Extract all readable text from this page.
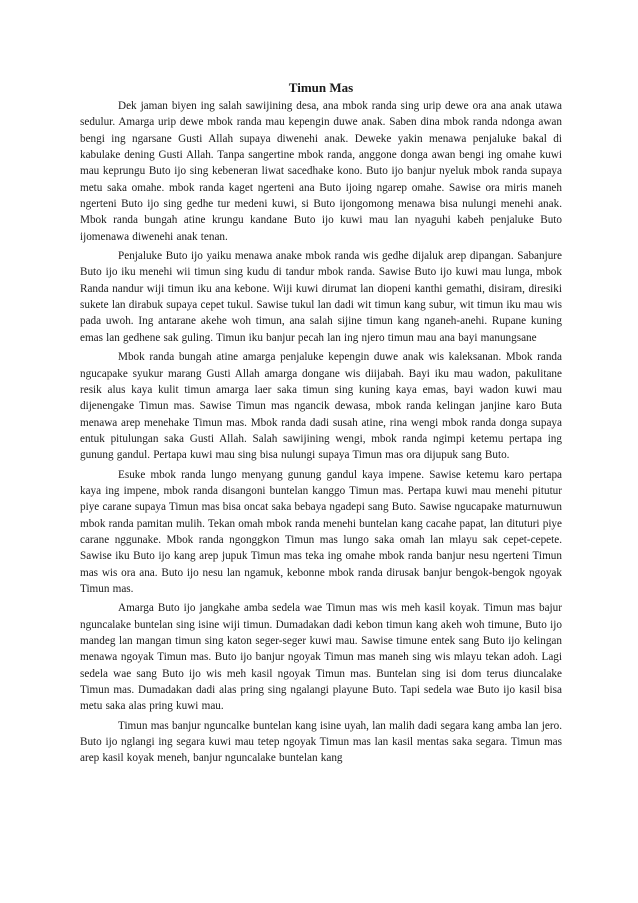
Timun Mas

Dek jaman biyen ing salah sawijining desa, ana mbok randa sing urip dewe ora ana anak utawa sedulur. Amarga urip dewe mbok randa mau kepengin duwe anak. Saben dina mbok randa ndonga awan bengi ing ngarsane Gusti Allah supaya diwenehi anak. Deweke yakin menawa penjaluke bakal di kabulake dening Gusti Allah. Tanpa sangertine mbok randa, anggone donga awan bengi ing omahe kuwi mau keprungu Buto ijo sing kebeneran liwat sacedhake kono. Buto ijo banjur nyeluk mbok randa supaya metu saka omahe. mbok randa kaget ngerteni ana Buto ijoing ngarep omahe. Sawise ora miris maneh ngerteni Buto ijo sing gedhe tur medeni kuwi, si Buto ijongomong menawa bisa nulungi menehi anak. Mbok randa bungah atine krungu kandane Buto ijo kuwi mau lan nyaguhi kabeh penjaluke Buto ijomenawa diwenehi anak tenan.

Penjaluke Buto ijo yaiku menawa anake mbok randa wis gedhe dijaluk arep dipangan. Sabanjure Buto ijo iku menehi wii timun sing kudu di tandur mbok randa. Sawise Buto ijo kuwi mau lunga, mbok Randa nandur wiji timun iku ana kebone. Wiji kuwi dirumat lan diopeni kanthi gemathi, disiram, diresiki sukete lan dirabuk supaya cepet tukul. Sawise tukul lan dadi wit timun kang subur, wit timun iku mau wis pada uwoh. Ing antarane akehe woh timun, ana salah sijine timun kang nganeh-anehi. Rupane kuning emas lan gedhene sak guling. Timun iku banjur pecah lan ing njero timun mau ana bayi manungsane

Mbok randa bungah atine amarga penjaluke kepengin duwe anak wis kaleksanan. Mbok randa ngucapake syukur marang Gusti Allah amarga dongane wis diijabah. Bayi iku mau wadon, pakulitane resik alus kaya kulit timun amarga laer saka timun sing kuning kaya emas, bayi wadon kuwi mau dijenengake Timun mas. Sawise Timun mas ngancik dewasa, mbok randa kelingan janjine karo Buta menawa arep menehake Timun mas. Mbok randa dadi susah atine, rina wengi mbok randa donga supaya entuk pitulungan saka Gusti Allah. Salah sawijining wengi, mbok randa ngimpi ketemu pertapa ing gunung gandul. Pertapa kuwi mau sing bisa nulungi supaya Timun mas ora dijupuk sang Buto.

Esuke mbok randa lungo menyang gunung gandul kaya impene. Sawise ketemu karo pertapa kaya ing impene, mbok randa disangoni buntelan kanggo Timun mas. Pertapa kuwi mau menehi pitutur piye carane supaya Timun mas bisa oncat saka bebaya ngadepi sang Buto. Sawise ngucapake maturnuwun mbok randa pamitan mulih. Tekan omah mbok randa menehi buntelan kang cacahe papat, lan dituturi piye carane nggunake. Mbok randa ngonggkon Timun mas lungo saka omah lan mlayu sak cepet-cepete. Sawise iku Buto ijo kang arep jupuk Timun mas teka ing omahe mbok randa banjur nesu ngerteni Timun mas wis ora ana. Buto ijo nesu lan ngamuk, kebonne mbok randa dirusak banjur bengok-bengok ngoyak Timun mas.

Amarga Buto ijo jangkahe amba sedela wae Timun mas wis meh kasil koyak. Timun mas bajur nguncalake buntelan sing isine wiji timun. Dumadakan dadi kebon timun kang akeh woh timune, Buto ijo mandeg lan mangan timun sing katon seger-seger kuwi mau. Sawise timune entek sang Buto ijo kelingan menawa ngoyak Timun mas. Buto ijo banjur ngoyak Timun mas maneh sing wis mlayu tekan adoh. Lagi sedela wae sang Buto ijo wis meh kasil ngoyak Timun mas. Buntelan sing isi dom terus diuncalake Timun mas. Dumadakan dadi alas pring sing ngalangi playune Buto. Tapi sedela wae Buto ijo kasil bisa metu saka alas pring kuwi mau.

Timun mas banjur nguncalke buntelan kang isine uyah, lan malih dadi segara kang amba lan jero. Buto ijo nglangi ing segara kuwi mau tetep ngoyak Timun mas lan kasil mentas saka segara. Timun mas arep kasil koyak meneh, banjur nguncalake buntelan kang
